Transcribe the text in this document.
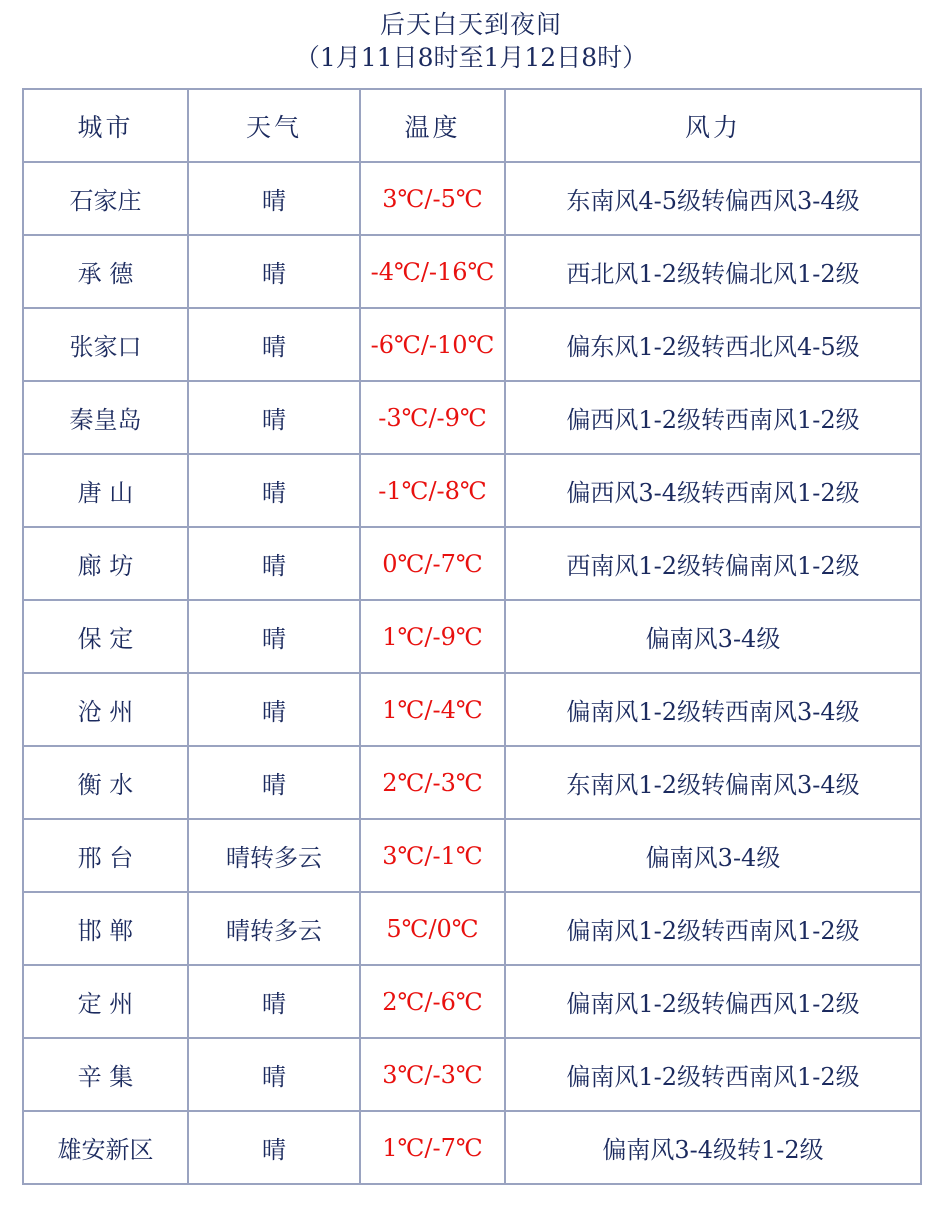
后天白天到夜间
（1月11日8时至1月12日8时）
城市	天气	温度	风力
石家庄	晴	3℃/-5℃	东南风4-5级转偏西风3-4级
承 德	晴	-4℃/-16℃	西北风1-2级转偏北风1-2级
张家口	晴	-6℃/-10℃	偏东风1-2级转西北风4-5级
秦皇岛	晴	-3℃/-9℃	偏西风1-2级转西南风1-2级
唐 山	晴	-1℃/-8℃	偏西风3-4级转西南风1-2级
廊 坊	晴	0℃/-7℃	西南风1-2级转偏南风1-2级
保 定	晴	1℃/-9℃	偏南风3-4级
沧 州	晴	1℃/-4℃	偏南风1-2级转西南风3-4级
衡 水	晴	2℃/-3℃	东南风1-2级转偏南风3-4级
邢 台	晴转多云	3℃/-1℃	偏南风3-4级
邯 郸	晴转多云	5℃/0℃	偏南风1-2级转西南风1-2级
定 州	晴	2℃/-6℃	偏南风1-2级转偏西风1-2级
辛 集	晴	3℃/-3℃	偏南风1-2级转西南风1-2级
雄安新区	晴	1℃/-7℃	偏南风3-4级转1-2级
